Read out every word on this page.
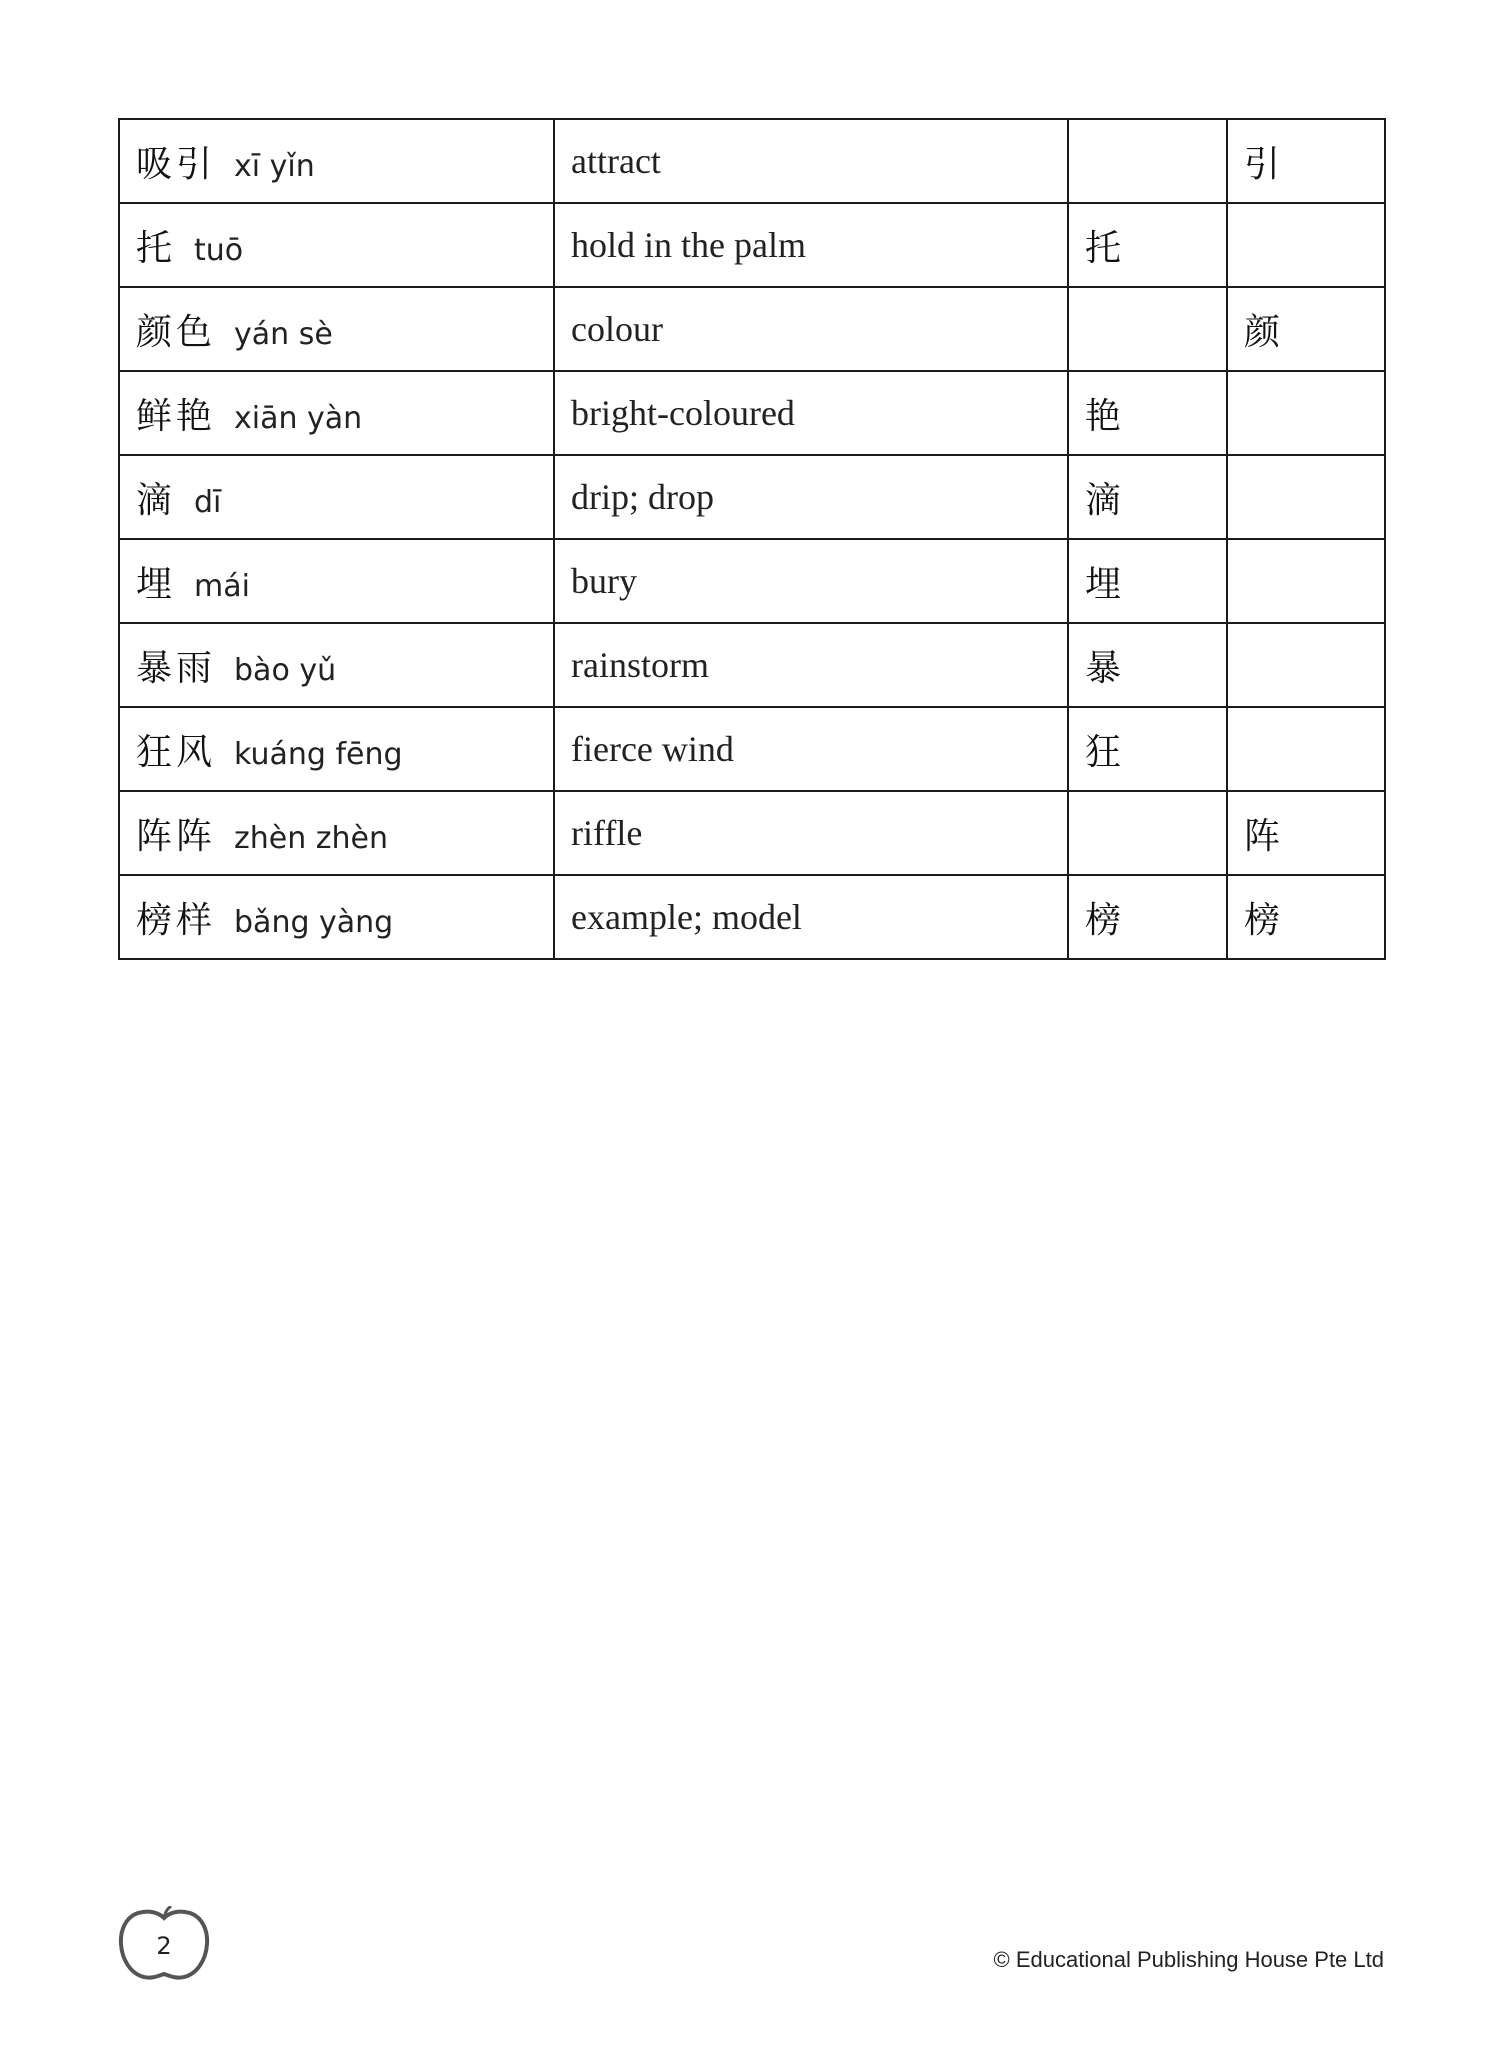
吸引 xī yǐn	attract		引
托 tuō	hold in the palm	托	
颜色 yán sè	colour		颜
鲜艳 xiān yàn	bright-coloured	艳	
滴 dī	drip; drop	滴	
埋 mái	bury	埋	
暴雨 bào yǔ	rainstorm	暴	
狂风 kuáng fēng	fierce wind	狂	
阵阵 zhèn zhèn	riffle		阵
榜样 bǎng yàng	example; model	榜	榜
2	© Educational Publishing House Pte Ltd
